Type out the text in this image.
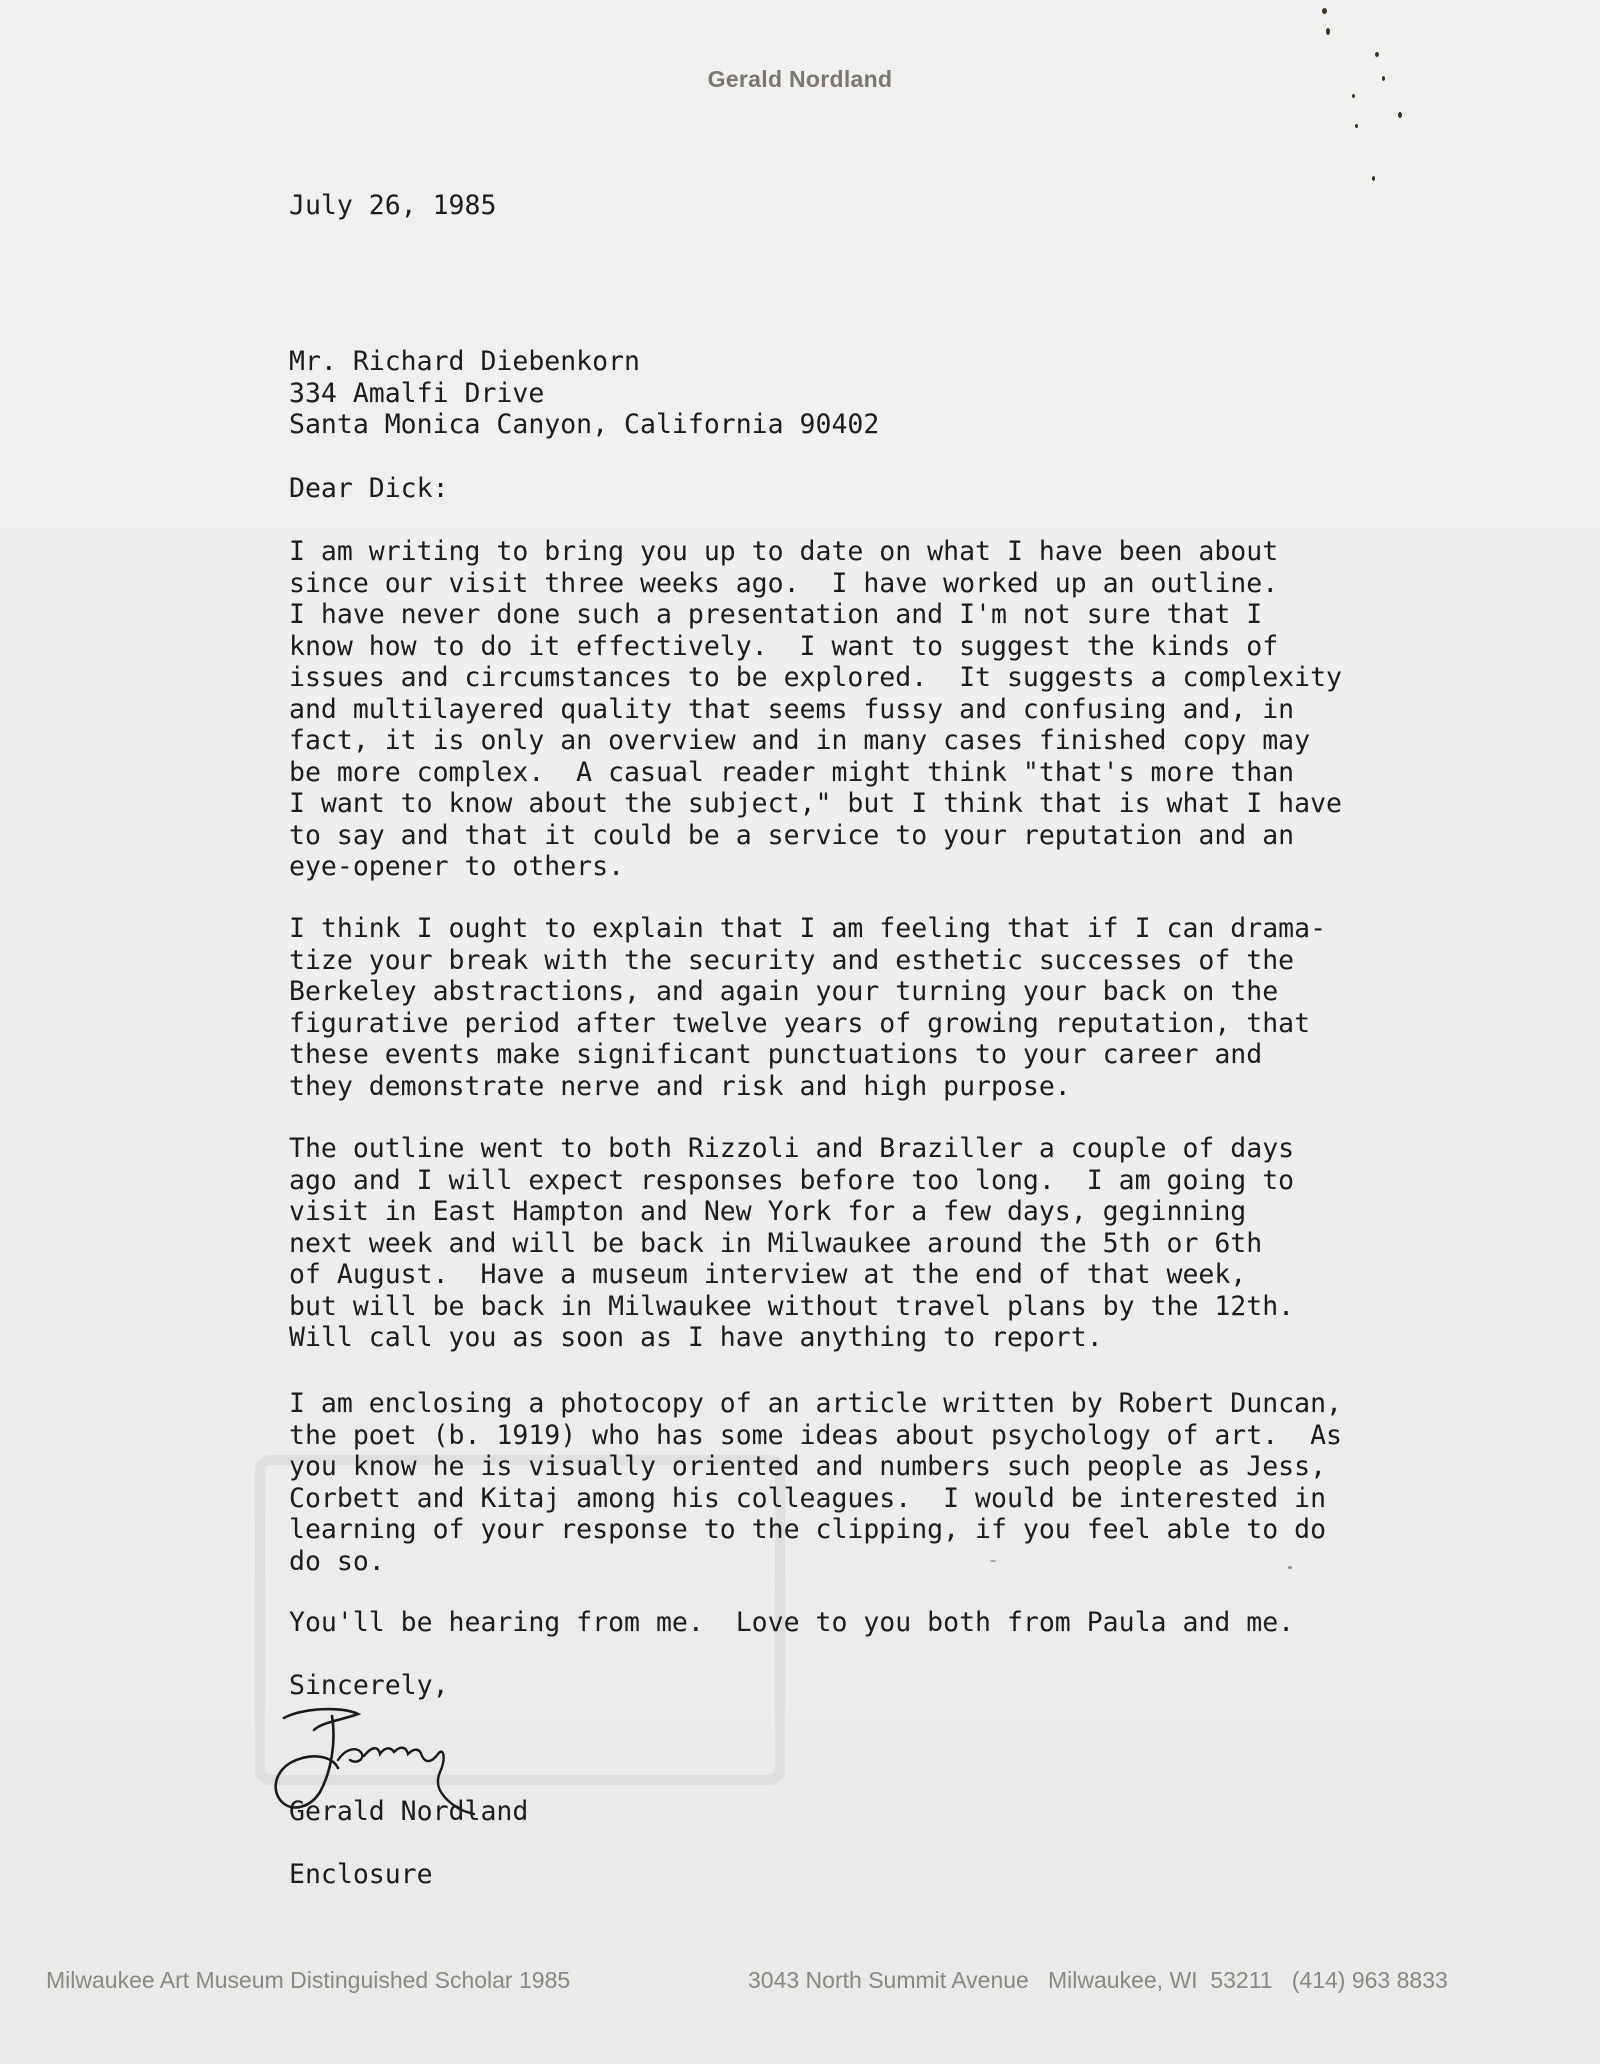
Gerald Nordland
July 26, 1985
Mr. Richard Diebenkorn
334 Amalfi Drive
Santa Monica Canyon, California 90402
Dear Dick:
I am writing to bring you up to date on what I have been about
since our visit three weeks ago.  I have worked up an outline.
I have never done such a presentation and I'm not sure that I
know how to do it effectively.  I want to suggest the kinds of
issues and circumstances to be explored.  It suggests a complexity
and multilayered quality that seems fussy and confusing and, in
fact, it is only an overview and in many cases finished copy may
be more complex.  A casual reader might think "that's more than
I want to know about the subject," but I think that is what I have
to say and that it could be a service to your reputation and an
eye-opener to others.
I think I ought to explain that I am feeling that if I can drama-
tize your break with the security and esthetic successes of the
Berkeley abstractions, and again your turning your back on the
figurative period after twelve years of growing reputation, that
these events make significant punctuations to your career and
they demonstrate nerve and risk and high purpose.
The outline went to both Rizzoli and Braziller a couple of days
ago and I will expect responses before too long.  I am going to
visit in East Hampton and New York for a few days, geginning
next week and will be back in Milwaukee around the 5th or 6th
of August.  Have a museum interview at the end of that week,
but will be back in Milwaukee without travel plans by the 12th.
Will call you as soon as I have anything to report.
I am enclosing a photocopy of an article written by Robert Duncan,
the poet (b. 1919) who has some ideas about psychology of art.  As
you know he is visually oriented and numbers such people as Jess,
Corbett and Kitaj among his colleagues.  I would be interested in
learning of your response to the clipping, if you feel able to do
do so.
You'll be hearing from me.  Love to you both from Paula and me.
Sincerely,
Gerald Nordland
Enclosure
Milwaukee Art Museum Distinguished Scholar 1985	3043 North Summit Avenue   Milwaukee, WI  53211   (414) 963 8833
